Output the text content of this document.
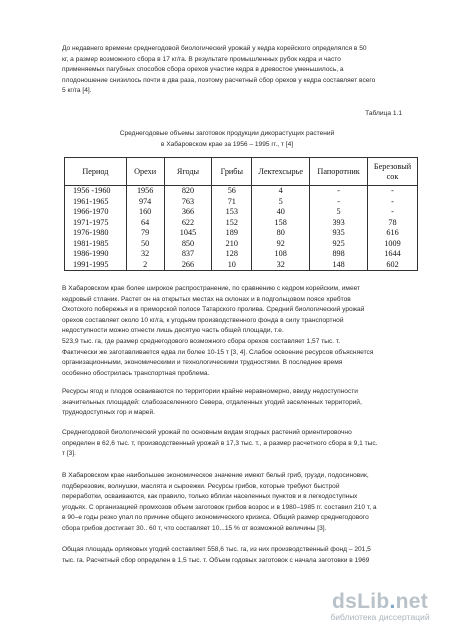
До недавнего времени среднегодовой биологический урожай у кедра корейского определялся в 50
кг, а размер возможного сбора в 17 кг/га. В результате промышленных рубок кедра и часто
применяемых пагубных способов сбора орехов участие кедра в древостое уменьшилось, а
плодоношение снизилось почти в два раза, поэтому расчетный сбор орехов у кедра составляет всего
5 кг/га [4].
Таблица 1.1
Среднегодовые объемы заготовок продукции дикорастущих растений
в Хабаровском крае за 1956 – 1995 гг., т [4]
Период	Орехи	Ягоды	Грибы	Лектехсырье	Папоротник	Березовый сок
1956 -1960	1956	820	56	4	-	-
1961-1965	974	763	71	5	-	-
1966-1970	160	366	153	40	5	-
1971-1975	64	622	152	158	393	78
1976-1980	79	1045	189	80	935	616
1981-1985	50	850	210	92	925	1009
1986-1990	32	837	128	108	898	1644
1991-1995	2	266	10	32	148	602
В Хабаровском крае более широкое распространение, по сравнению с кедром корейским, имеет
кедровый стланик. Растет он на открытых местах на склонах и в подгольцовом поясе хребтов
Охотского побережья и в приморской полосе Татарского пролива. Средний биологический урожай
орехов составляет около 10 кг/га, к угодьям производственного фонда в силу транспортной
недоступности можно отнести лишь десятую часть общей площади, т.е.
523,9 тыс. га, где размер среднегодового возможного сбора орехов составляет 1,57 тыс. т.
Фактически же заготавливается едва ли более 10-15 т [3, 4]. Слабое освоение ресурсов объясняется
организационными, экономическими и технологическими трудностями. В последнее время
особенно обострилась транспортная проблема.
Ресурсы ягод и плодов осваиваются по территории крайне неравномерно, ввиду недоступности
значительных площадей: слабозаселенного Севера, отдаленных угодий заселенных территорий,
труднодоступных гор и марей.
Среднегодовой биологический урожай по основным видам ягодных растений ориентировочно
определен в 62,6 тыс. т, производственный урожай в 17,3 тыс. т., а размер расчетного сбора в 9,1 тыс.
т [3].
В Хабаровском крае наибольшее экономическое значение имеют белый гриб, грузди, подосиновик,
подберезовик, волнушки, маслята и сыроежки. Ресурсы грибов, которые требуют быстрой
переработки, осваиваются, как правило, только вблизи населенных пунктов и в легкодоступных
угодьях. С организацией промхозов объем заготовок грибов возрос и в 1980–1985 гг. составил 210 т, а
в 90–е годы резко упал по причине общего экономического кризиса. Общий размер среднегодового
сбора грибов достигает 30.. 60 т, что составляет 10...15 % от возможной величины [3].
Общая площадь орляковых угодий составляет 558,6 тыс. га, из них производственный фонд – 201,5
тыс. га. Расчетный сбор определен в 1,5 тыс. т. Объем годовых заготовок с начала заготовки в 1969
dsLib.net
библиотека диссертаций
